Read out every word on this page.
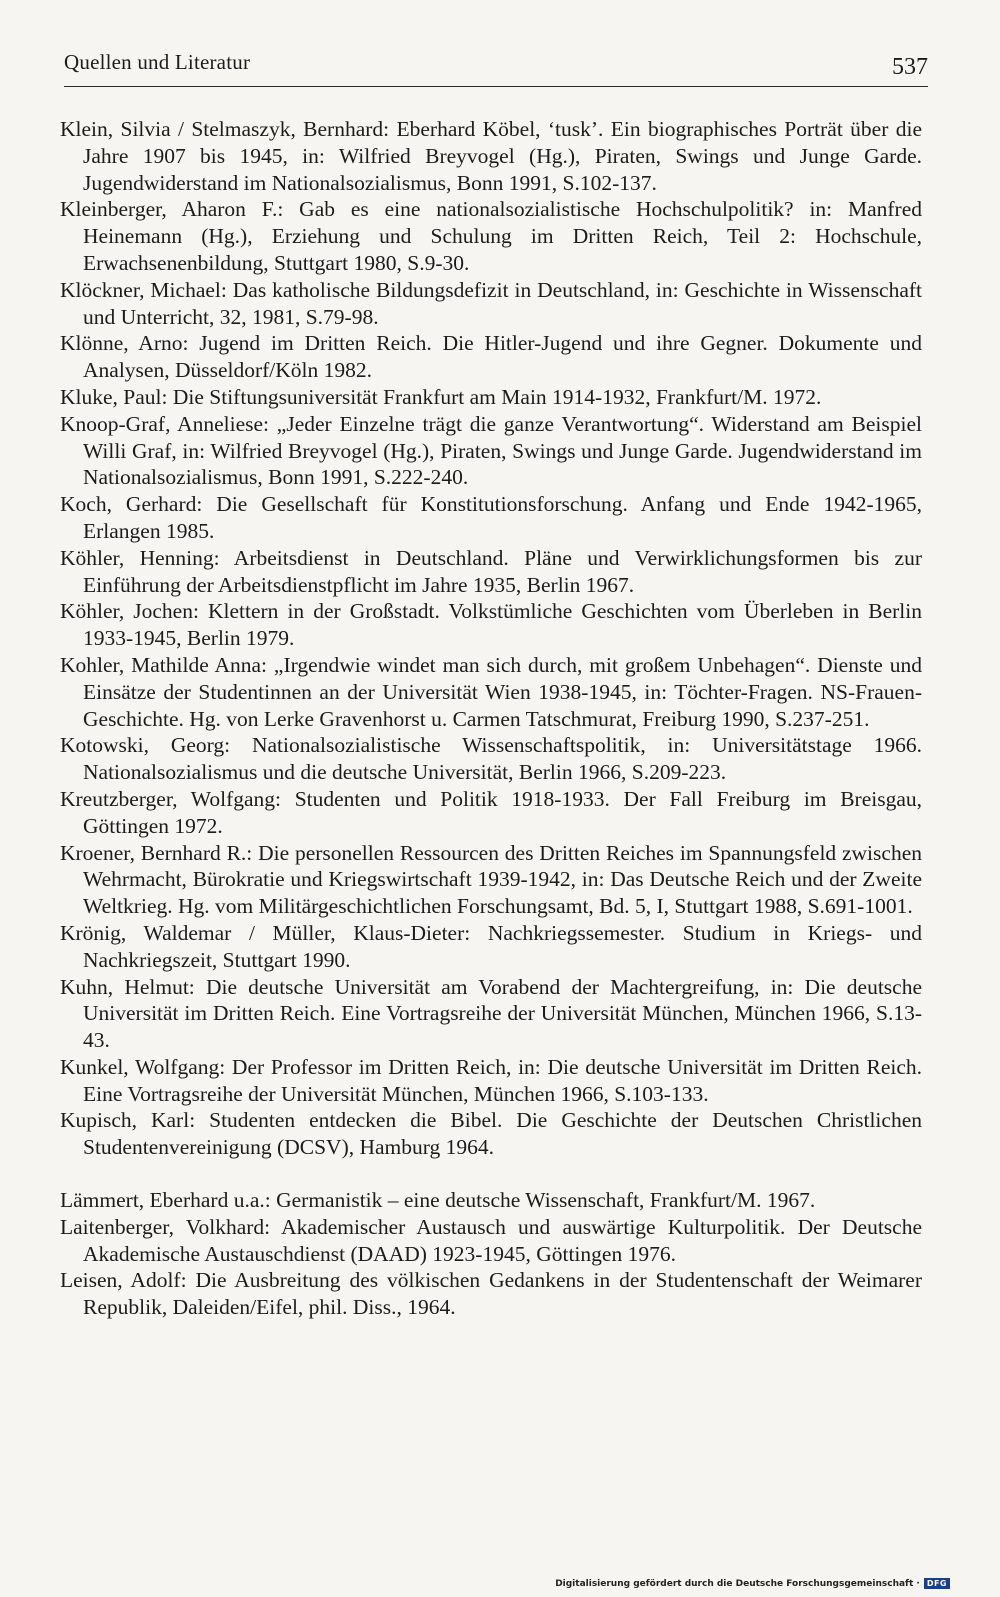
Quellen und Literatur	537

Klein, Silvia / Stelmaszyk, Bernhard: Eberhard Köbel, ‘tusk’. Ein biographisches Porträt über die Jahre 1907 bis 1945, in: Wilfried Breyvogel (Hg.), Piraten, Swings und Junge Garde. Jugendwiderstand im Nationalsozialismus, Bonn 1991, S.102-137.

Kleinberger, Aharon F.: Gab es eine nationalsozialistische Hochschulpolitik? in: Manfred Heinemann (Hg.), Erziehung und Schulung im Dritten Reich, Teil 2: Hochschule, Erwachsenenbildung, Stuttgart 1980, S.9-30.

Klöckner, Michael: Das katholische Bildungsdefizit in Deutschland, in: Geschichte in Wissenschaft und Unterricht, 32, 1981, S.79-98.

Klönne, Arno: Jugend im Dritten Reich. Die Hitler-Jugend und ihre Gegner. Dokumente und Analysen, Düsseldorf/Köln 1982.

Kluke, Paul: Die Stiftungsuniversität Frankfurt am Main 1914-1932, Frankfurt/M. 1972.

Knoop-Graf, Anneliese: „Jeder Einzelne trägt die ganze Verantwortung“. Widerstand am Beispiel Willi Graf, in: Wilfried Breyvogel (Hg.), Piraten, Swings und Junge Garde. Jugendwiderstand im Nationalsozialismus, Bonn 1991, S.222-240.

Koch, Gerhard: Die Gesellschaft für Konstitutionsforschung. Anfang und Ende 1942-1965, Erlangen 1985.

Köhler, Henning: Arbeitsdienst in Deutschland. Pläne und Verwirklichungsformen bis zur Einführung der Arbeitsdienstpflicht im Jahre 1935, Berlin 1967.

Köhler, Jochen: Klettern in der Großstadt. Volkstümliche Geschichten vom Überleben in Berlin 1933-1945, Berlin 1979.

Kohler, Mathilde Anna: „Irgendwie windet man sich durch, mit großem Unbehagen“. Dienste und Einsätze der Studentinnen an der Universität Wien 1938-1945, in: Töchter-Fragen. NS-Frauen-Geschichte. Hg. von Lerke Gravenhorst u. Carmen Tatschmurat, Freiburg 1990, S.237-251.

Kotowski, Georg: Nationalsozialistische Wissenschaftspolitik, in: Universitätstage 1966. Nationalsozialismus und die deutsche Universität, Berlin 1966, S.209-223.

Kreutzberger, Wolfgang: Studenten und Politik 1918-1933. Der Fall Freiburg im Breisgau, Göttingen 1972.

Kroener, Bernhard R.: Die personellen Ressourcen des Dritten Reiches im Spannungsfeld zwischen Wehrmacht, Bürokratie und Kriegswirtschaft 1939-1942, in: Das Deutsche Reich und der Zweite Weltkrieg. Hg. vom Militärgeschichtlichen Forschungsamt, Bd. 5, I, Stuttgart 1988, S.691-1001.

Krönig, Waldemar / Müller, Klaus-Dieter: Nachkriegssemester. Studium in Kriegs- und Nachkriegszeit, Stuttgart 1990.

Kuhn, Helmut: Die deutsche Universität am Vorabend der Machtergreifung, in: Die deutsche Universität im Dritten Reich. Eine Vortragsreihe der Universität München, München 1966, S.13-43.

Kunkel, Wolfgang: Der Professor im Dritten Reich, in: Die deutsche Universität im Dritten Reich. Eine Vortragsreihe der Universität München, München 1966, S.103-133.

Kupisch, Karl: Studenten entdecken die Bibel. Die Geschichte der Deutschen Christlichen Studentenvereinigung (DCSV), Hamburg 1964.

Lämmert, Eberhard u.a.: Germanistik – eine deutsche Wissenschaft, Frankfurt/M. 1967.

Laitenberger, Volkhard: Akademischer Austausch und auswärtige Kulturpolitik. Der Deutsche Akademische Austauschdienst (DAAD) 1923-1945, Göttingen 1976.

Leisen, Adolf: Die Ausbreitung des völkischen Gedankens in der Studentenschaft der Weimarer Republik, Daleiden/Eifel, phil. Diss., 1964.

Digitalisierung gefördert durch die Deutsche Forschungsgemeinschaft · DFG
